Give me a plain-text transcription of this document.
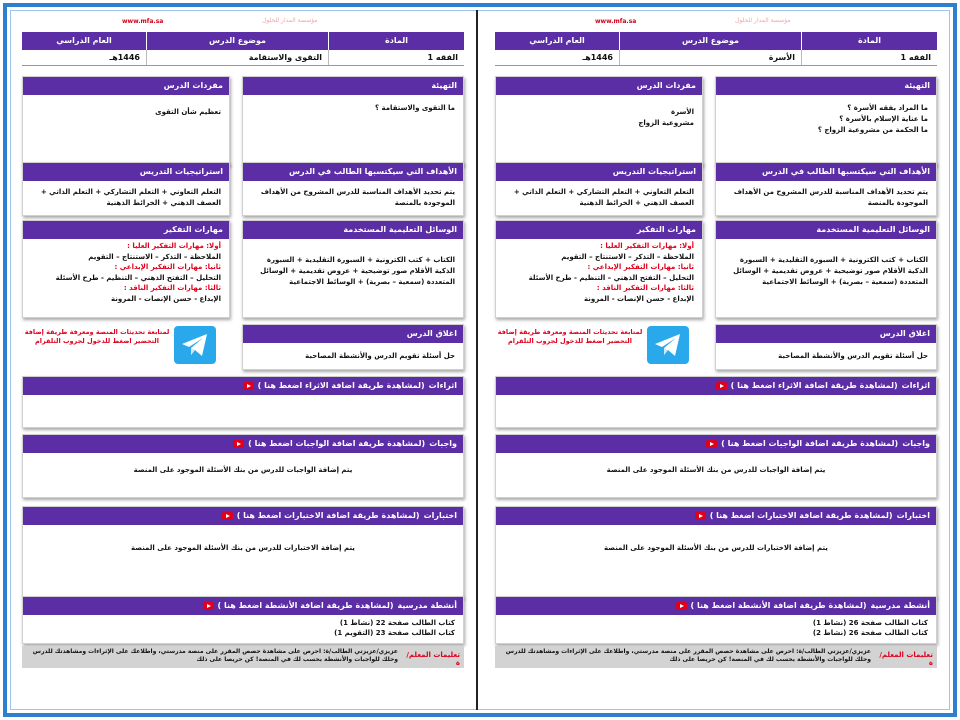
www.mfa.sa	مؤسسة المدار للحلول
المادة
موضوع الدرس
العام الدراسي
الفقه 1
الأسرة
1446هـ
التهيئة
ما المراد بفقه الأسرة ؟
ما عناية الإسلام بالأسرة ؟
ما الحكمة من مشروعية الزواج ؟
مفردات الدرس
الأسرة
مشروعية الزواج
الأهداف التي سيكتسبها الطالب في الدرس
يتم تحديد الأهداف المناسبة للدرس المشروح من الأهداف الموجودة بالمنصة
استراتيجيات التدريس
التعلم التعاوني + التعلم التشاركي + التعلم الذاتي + العصف الذهني + الخرائط الذهنية
الوسائل التعليمية المستخدمة
الكتاب + كتب الكترونية + السبورة التقليدية + السبورة الذكية الأقلام صور توضيحية + عروض تقديمية + الوسائل المتعددة (سمعية – بصرية) + الوسائط الاجتماعية
مهارات التفكير
أولا: مهارات التفكير العليا :
الملاحظة – التذكر – الاستنتاج – التقويم
ثانيا: مهارات التفكير الإبداعي :
التحليل – التفتح الذهني – التنظيم - طرح الأسئلة
ثالثا: مهارات التفكير الناقد :
الإبداع - حسن الإنصات - المرونة
اغلاق الدرس
حل أسئلة تقويم الدرس والأنشطة المصاحبة
لمتابعة تحديثات المنصة ومعرفة طريقة إضافة التحضير اضغط للدخول لجروب التلقرام
اثراءات
(لمشاهدة طريقة اضافة الاثراء اضغط هنا )
واجبات
(لمشاهدة طريقة اضافة الواجبات اضغط هنا )
يتم إضافة الواجبات للدرس من بنك الأسئلة الموجود على المنصة
اختبارات
(لمشاهدة طريقة اضافة الاختبارات اضغط هنا )
يتم إضافة الاختبارات للدرس من بنك الأسئلة الموجود على المنصة
أنشطة مدرسية
(لمشاهدة طريقة اضافة الأنشطة اضغط هنا )
كتاب الطالب صفحة 26 (نشاط 1)
كتاب الطالب صفحة 26 (نشاط 2)
تعليمات المعلم/ة
عزيزي/عزيزتي الطالب/ة: احرص على مشاهدة حصص المقرر على منصة مدرستي، واطلاعك على الإثراءات ومشاهدتك للدرس وحلك للواجبات والأنشطة بحسب لك في المنصة! كن حريصا على ذلك
www.mfa.sa	مؤسسة المدار للحلول
المادة
موضوع الدرس
العام الدراسي
الفقه 1
التقوى والاستقامة
1446هـ
التهيئة
ما التقوى والاستقامة ؟
مفردات الدرس
تعظيم شأن التقوى
الأهداف التي سيكتسبها الطالب في الدرس
يتم تحديد الأهداف المناسبة للدرس المشروح من الأهداف الموجودة بالمنصة
استراتيجيات التدريس
التعلم التعاوني + التعلم التشاركي + التعلم الذاتي + العصف الذهني + الخرائط الذهنية
الوسائل التعليمية المستخدمة
الكتاب + كتب الكترونية + السبورة التقليدية + السبورة الذكية الأقلام صور توضيحية + عروض تقديمية + الوسائل المتعددة (سمعية – بصرية) + الوسائط الاجتماعية
مهارات التفكير
أولا: مهارات التفكير العليا :
الملاحظة – التذكر – الاستنتاج – التقويم
ثانيا: مهارات التفكير الإبداعي :
التحليل – التفتح الذهني – التنظيم - طرح الأسئلة
ثالثا: مهارات التفكير الناقد :
الإبداع - حسن الإنصات - المرونة
اغلاق الدرس
حل أسئلة تقويم الدرس والأنشطة المصاحبة
لمتابعة تحديثات المنصة ومعرفة طريقة إضافة التحضير اضغط للدخول لجروب التلقرام
اثراءات
(لمشاهدة طريقة اضافة الاثراء اضغط هنا )
واجبات
(لمشاهدة طريقة اضافة الواجبات اضغط هنا )
يتم إضافة الواجبات للدرس من بنك الأسئلة الموجود على المنصة
اختبارات
(لمشاهدة طريقة اضافة الاختبارات اضغط هنا )
يتم إضافة الاختبارات للدرس من بنك الأسئلة الموجود على المنصة
أنشطة مدرسية
(لمشاهدة طريقة اضافة الأنشطة اضغط هنا )
كتاب الطالب صفحة 22 (نشاط 1)
كتاب الطالب صفحة 23 (التقويم 1)
تعليمات المعلم/ة
عزيزي/عزيزتي الطالب/ة: احرص على مشاهدة حصص المقرر على منصة مدرستي، واطلاعك على الإثراءات ومشاهدتك للدرس وحلك للواجبات والأنشطة بحسب لك في المنصة! كن حريصا على ذلك
